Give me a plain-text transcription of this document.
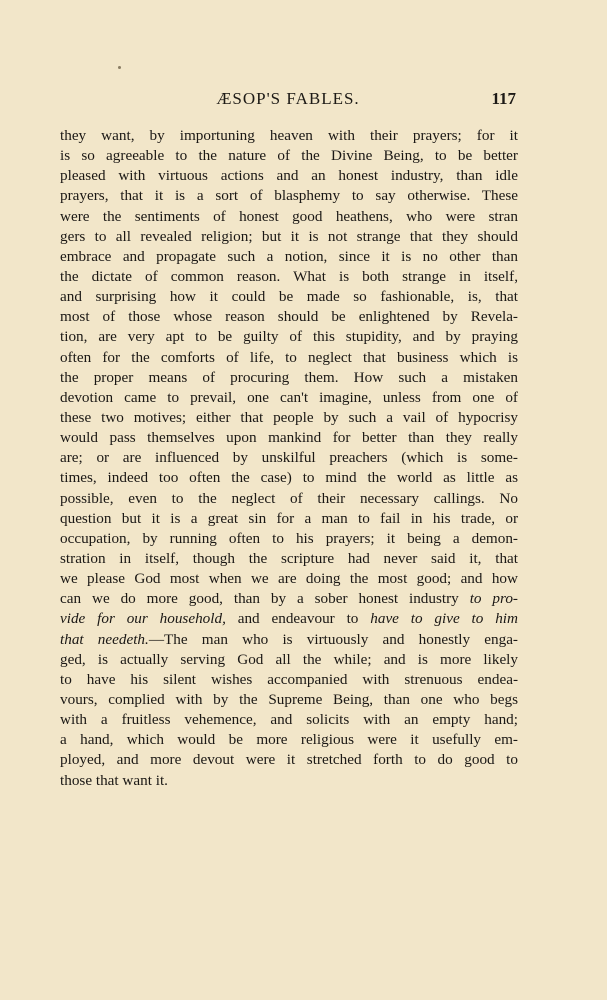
ÆSOP'S FABLES.	117
they want, by importuning heaven with their prayers; for it
is so agreeable to the nature of the Divine Being, to be better
pleased with virtuous actions and an honest industry, than idle
prayers, that it is a sort of blasphemy to say otherwise. These
were the sentiments of honest good heathens, who were stran
gers to all revealed religion; but it is not strange that they should
embrace and propagate such a notion, since it is no other than
the dictate of common reason. What is both strange in itself,
and surprising how it could be made so fashionable, is, that
most of those whose reason should be enlightened by Revela-
tion, are very apt to be guilty of this stupidity, and by praying
often for the comforts of life, to neglect that business which is
the proper means of procuring them. How such a mistaken
devotion came to prevail, one can't imagine, unless from one of
these two motives; either that people by such a vail of hypocrisy
would pass themselves upon mankind for better than they really
are; or are influenced by unskilful preachers (which is some-
times, indeed too often the case) to mind the world as little as
possible, even to the neglect of their necessary callings. No
question but it is a great sin for a man to fail in his trade, or
occupation, by running often to his prayers; it being a demon-
stration in itself, though the scripture had never said it, that
we please God most when we are doing the most good; and how
can we do more good, than by a sober honest industry to pro-
vide for our household, and endeavour to have to give to him
that needeth.—The man who is virtuously and honestly enga-
ged, is actually serving God all the while; and is more likely
to have his silent wishes accompanied with strenuous endea-
vours, complied with by the Supreme Being, than one who begs
with a fruitless vehemence, and solicits with an empty hand;
a hand, which would be more religious were it usefully em-
ployed, and more devout were it stretched forth to do good to
those that want it.
